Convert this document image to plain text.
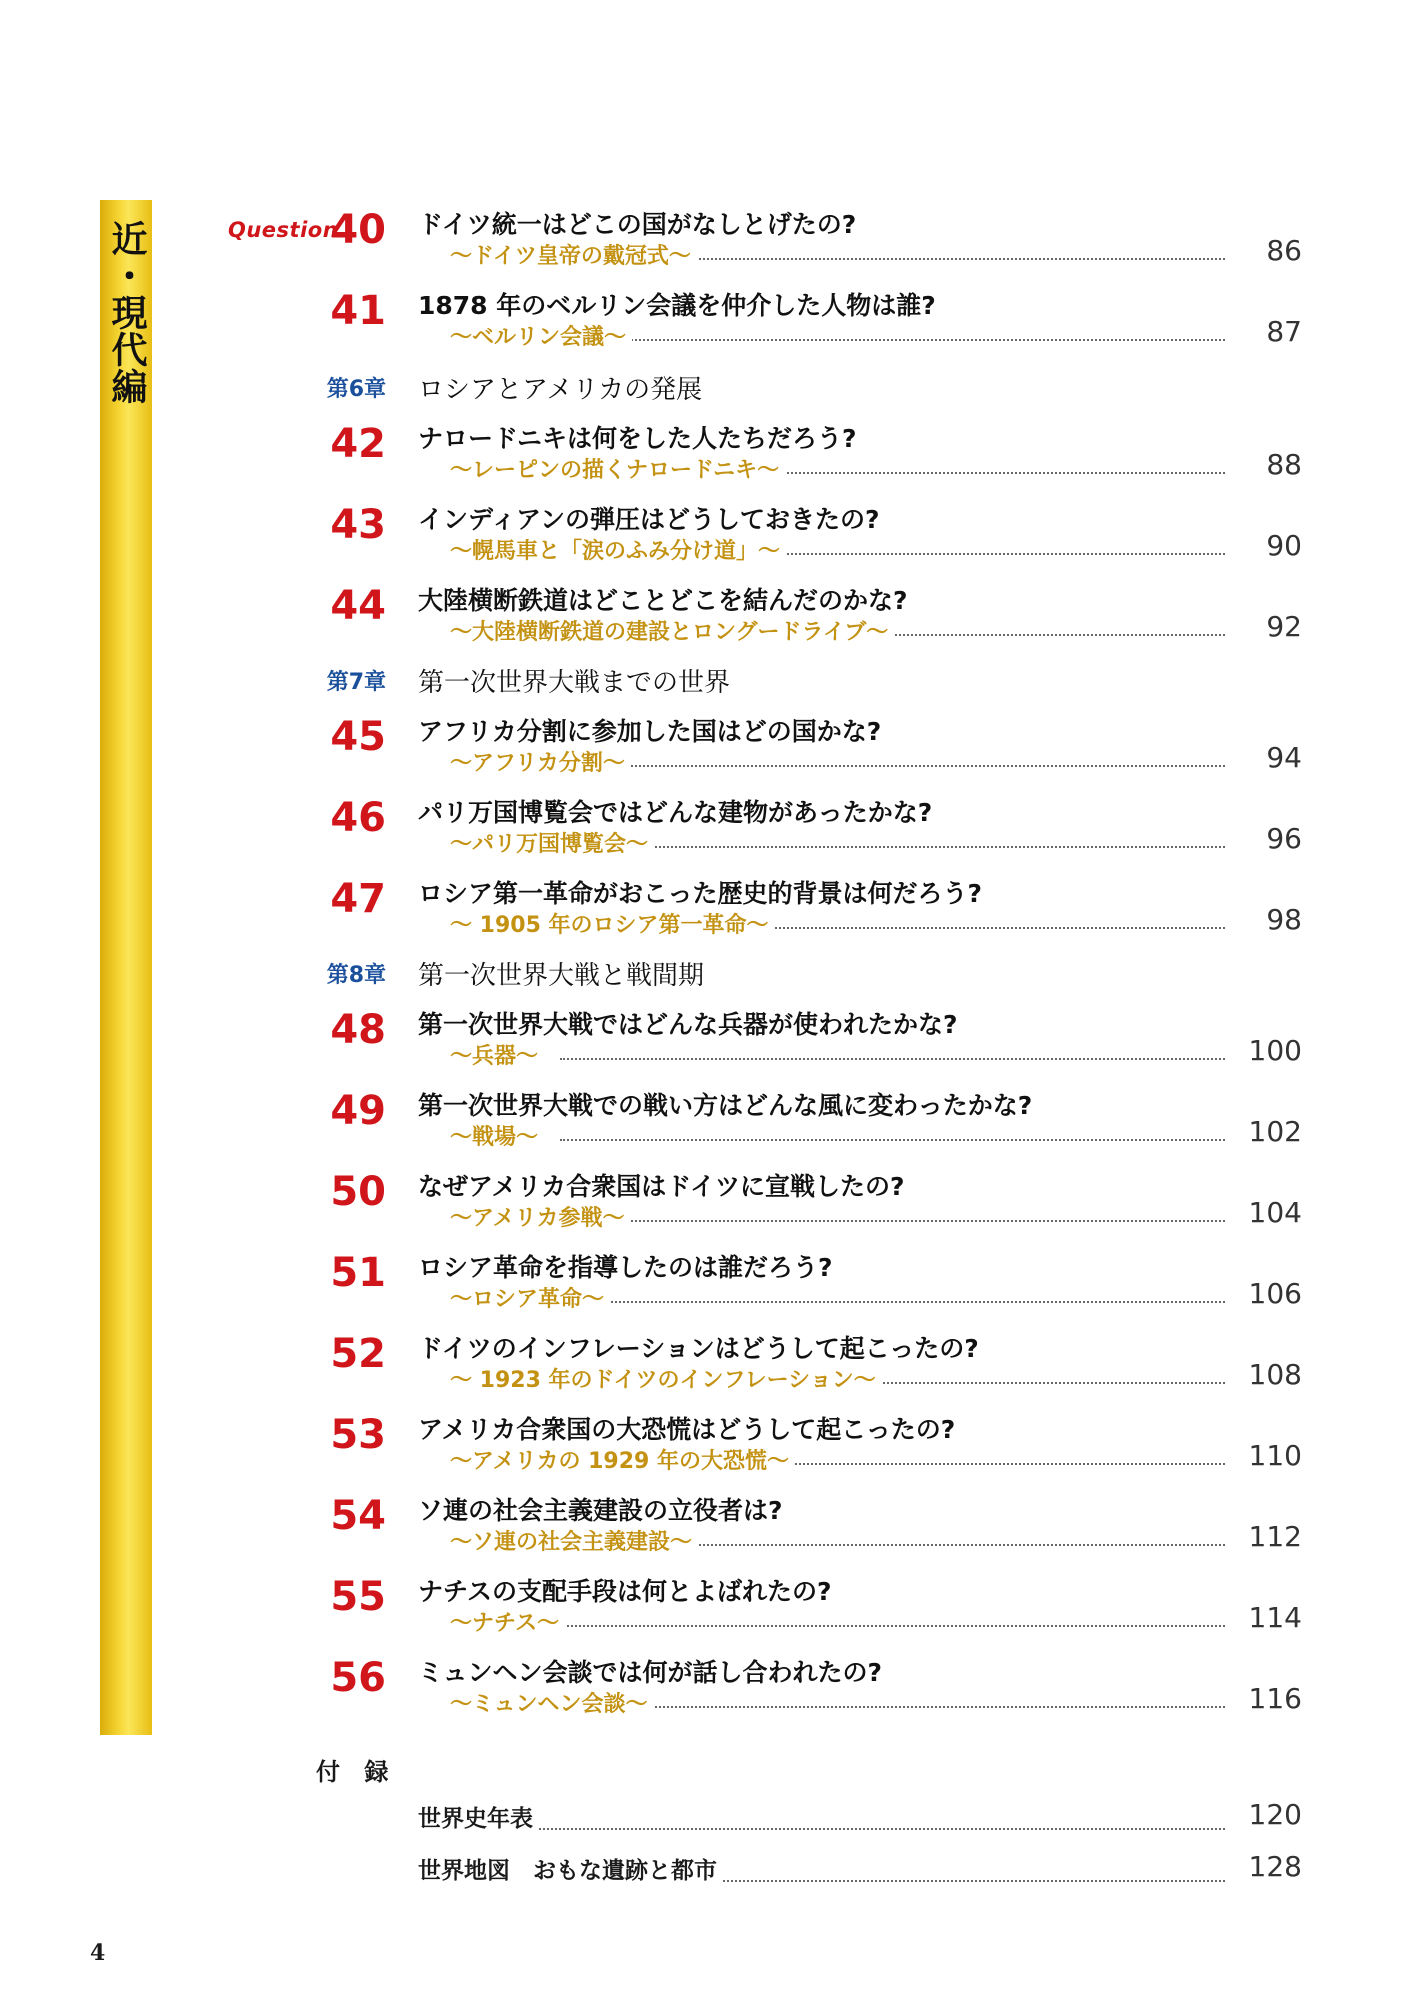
近・現代編	Question
40 ドイツ統一はどこの国がなしとげたの?
～ドイツ皇帝の戴冠式～	86
41 1878 年のベルリン会議を仲介した人物は誰?
～ベルリン会議～	87
第6章 ロシアとアメリカの発展
42 ナロードニキは何をした人たちだろう?
～レーピンの描くナロードニキ～	88
43 インディアンの弾圧はどうしておきたの?
～幌馬車と「涙のふみ分け道」～	90
44 大陸横断鉄道はどことどこを結んだのかな?
～大陸横断鉄道の建設とロングードライブ～	92
第7章 第一次世界大戦までの世界
45 アフリカ分割に参加した国はどの国かな?
～アフリカ分割～	94
46 パリ万国博覧会ではどんな建物があったかな?
～パリ万国博覧会～	96
47 ロシア第一革命がおこった歴史的背景は何だろう?
～ 1905 年のロシア第一革命～	98
第8章 第一次世界大戦と戦間期
48 第一次世界大戦ではどんな兵器が使われたかな?
～兵器～	100
49 第一次世界大戦での戦い方はどんな風に変わったかな?
～戦場～	102
50 なぜアメリカ合衆国はドイツに宣戦したの?
～アメリカ参戦～	104
51 ロシア革命を指導したのは誰だろう?
～ロシア革命～	106
52 ドイツのインフレーションはどうして起こったの?
～ 1923 年のドイツのインフレーション～	108
53 アメリカ合衆国の大恐慌はどうして起こったの?
～アメリカの 1929 年の大恐慌～	110
54 ソ連の社会主義建設の立役者は?
～ソ連の社会主義建設～	112
55 ナチスの支配手段は何とよばれたの?
～ナチス～	114
56 ミュンヘン会談では何が話し合われたの?
～ミュンヘン会談～	116
付 録
世界史年表	120
世界地図　おもな遺跡と都市	128
4
